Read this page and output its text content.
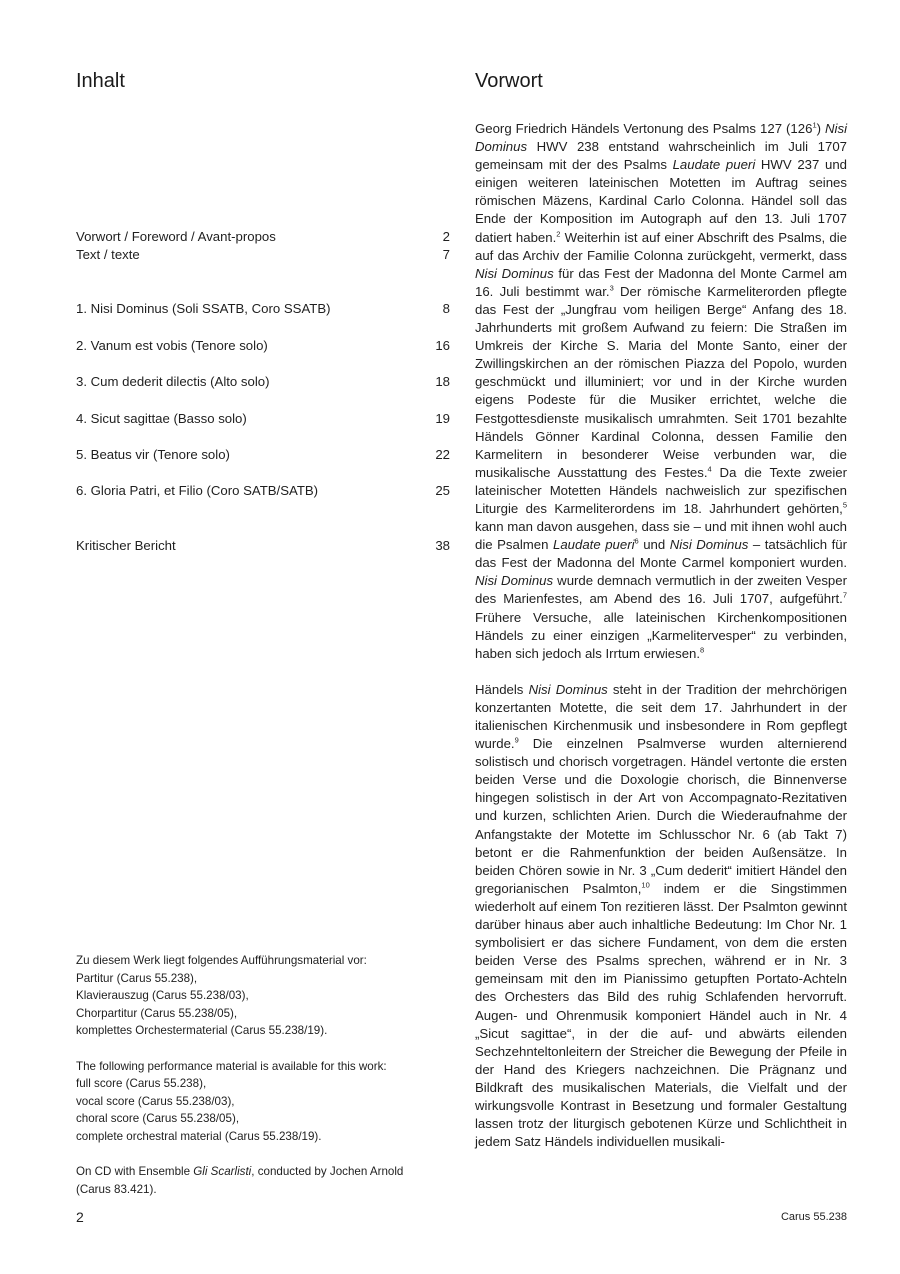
Inhalt
Vorwort / Foreword / Avant-propos	2
Text / texte	7
1. Nisi Dominus (Soli SSATB, Coro SSATB)	8
2. Vanum est vobis (Tenore solo)	16
3. Cum dederit dilectis (Alto solo)	18
4. Sicut sagittae (Basso solo)	19
5. Beatus vir (Tenore solo)	22
6. Gloria Patri, et Filio (Coro SATB/SATB)	25
Kritischer Bericht	38

Zu diesem Werk liegt folgendes Aufführungsmaterial vor:
Partitur (Carus 55.238),
Klavierauszug (Carus 55.238/03),
Chorpartitur (Carus 55.238/05),
komplettes Orchestermaterial (Carus 55.238/19).

The following performance material is available for this work:
full score (Carus 55.238),
vocal score (Carus 55.238/03),
choral score (Carus 55.238/05),
complete orchestral material (Carus 55.238/19).

On CD with Ensemble Gli Scarlisti, conducted by Jochen Arnold
(Carus 83.421).

Vorwort

Georg Friedrich Händels Vertonung des Psalms 127 $(126^1)$ Nisi Dominus HWV 238 entstand wahrscheinlich im Juli 1707 gemeinsam mit der des Psalms Laudate pueri HWV 237 und einigen weiteren lateinischen Motetten im Auftrag seines römischen Mäzens, Kardinal Carlo Colonna. Händel soll das Ende der Komposition im Autograph auf den 13. Juli 1707 datiert haben.$^2$ Weiterhin ist auf einer Abschrift des Psalms, die auf das Archiv der Familie Colonna zurückgeht, vermerkt, dass Nisi Dominus für das Fest der Madonna del Monte Carmel am 16. Juli bestimmt war.$^3$ Der römische Karmeliterorden pflegte das Fest der „Jungfrau vom heiligen Berge“ Anfang des 18. Jahrhunderts mit großem Aufwand zu feiern: Die Straßen im Umkreis der Kirche S. Maria del Monte Santo, einer der Zwillingskirchen an der römischen Piazza del Popolo, wurden geschmückt und illuminiert; vor und in der Kirche wurden eigens Podeste für die Musiker errichtet, welche die Festgottesdienste musikalisch umrahmten. Seit 1701 bezahlte Händels Gönner Kardinal Colonna, dessen Familie den Karmelitern in besonderer Weise verbunden war, die musikalische Ausstattung des Festes.$^4$ Da die Texte zweier lateinischer Motetten Händels nachweislich zur spezifischen Liturgie des Karmeliterordens im 18. Jahrhundert gehörten,$^5$ kann man davon ausgehen, dass sie – und mit ihnen wohl auch die Psalmen Laudate pueri$^6$ und Nisi Dominus – tatsächlich für das Fest der Madonna del Monte Carmel komponiert wurden. Nisi Dominus wurde demnach vermutlich in der zweiten Vesper des Marienfestes, am Abend des 16. Juli 1707, aufgeführt.$^7$ Frühere Versuche, alle lateinischen Kirchenkompositionen Händels zu einer einzigen „Karmelitervesper“ zu verbinden, haben sich jedoch als Irrtum erwiesen.$^8$

Händels Nisi Dominus steht in der Tradition der mehrchörigen konzertanten Motette, die seit dem 17. Jahrhundert in der italienischen Kirchenmusik und insbesondere in Rom gepflegt wurde.$^9$ Die einzelnen Psalmverse wurden alternierend solistisch und chorisch vorgetragen. Händel vertonte die ersten beiden Verse und die Doxologie chorisch, die Binnenverse hingegen solistisch in der Art von Accompagnato-Rezitativen und kurzen, schlichten Arien. Durch die Wiederaufnahme der Anfangstakte der Motette im Schlusschor Nr. 6 (ab Takt 7) betont er die Rahmenfunktion der beiden Außensätze. In beiden Chören sowie in Nr. 3 „Cum dederit“ imitiert Händel den gregorianischen Psalmton,$^{10}$ indem er die Singstimmen wiederholt auf einem Ton rezitieren lässt. Der Psalmton gewinnt darüber hinaus aber auch inhaltliche Bedeutung: Im Chor Nr. 1 symbolisiert er das sichere Fundament, von dem die ersten beiden Verse des Psalms sprechen, während er in Nr. 3 gemeinsam mit den im Pianissimo getupften Portato-Achteln des Orchesters das Bild des ruhig Schlafenden hervorruft. Augen- und Ohrenmusik komponiert Händel auch in Nr. 4 „Sicut sagittae“, in der die auf- und abwärts eilenden Sechzehnteltonleitern der Streicher die Bewegung der Pfeile in der Hand des Kriegers nachzeichnen. Die Prägnanz und Bildkraft des musikalischen Materials, die Vielfalt und der wirkungsvolle Kontrast in Besetzung und formaler Gestaltung lassen trotz der liturgisch gebotenen Kürze und Schlichtheit in jedem Satz Händels individuellen musikali-

2	Carus 55.238
